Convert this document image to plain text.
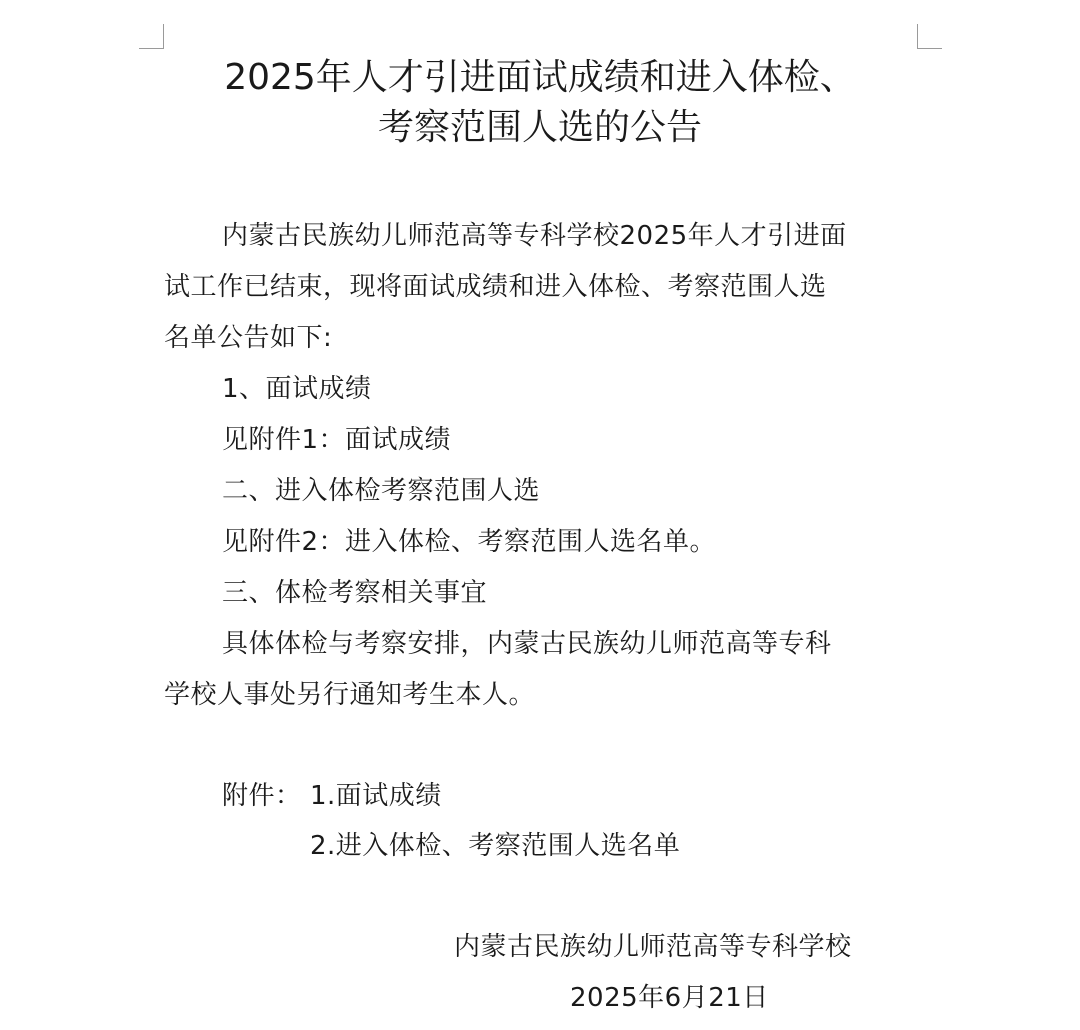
2025年人才引进面试成绩和进入体检、
考察范围人选的公告
内蒙古民族幼儿师范高等专科学校2025年人才引进面
试工作已结束，现将面试成绩和进入体检、考察范围人选
名单公告如下:
1、面试成绩
见附件1：面试成绩
二、进入体检考察范围人选
见附件2：进入体检、考察范围人选名单。
三、体检考察相关事宜
具体体检与考察安排，内蒙古民族幼儿师范高等专科
学校人事处另行通知考生本人。
附件： 1.面试成绩
2.进入体检、考察范围人选名单
内蒙古民族幼儿师范高等专科学校
2025年6月21日
